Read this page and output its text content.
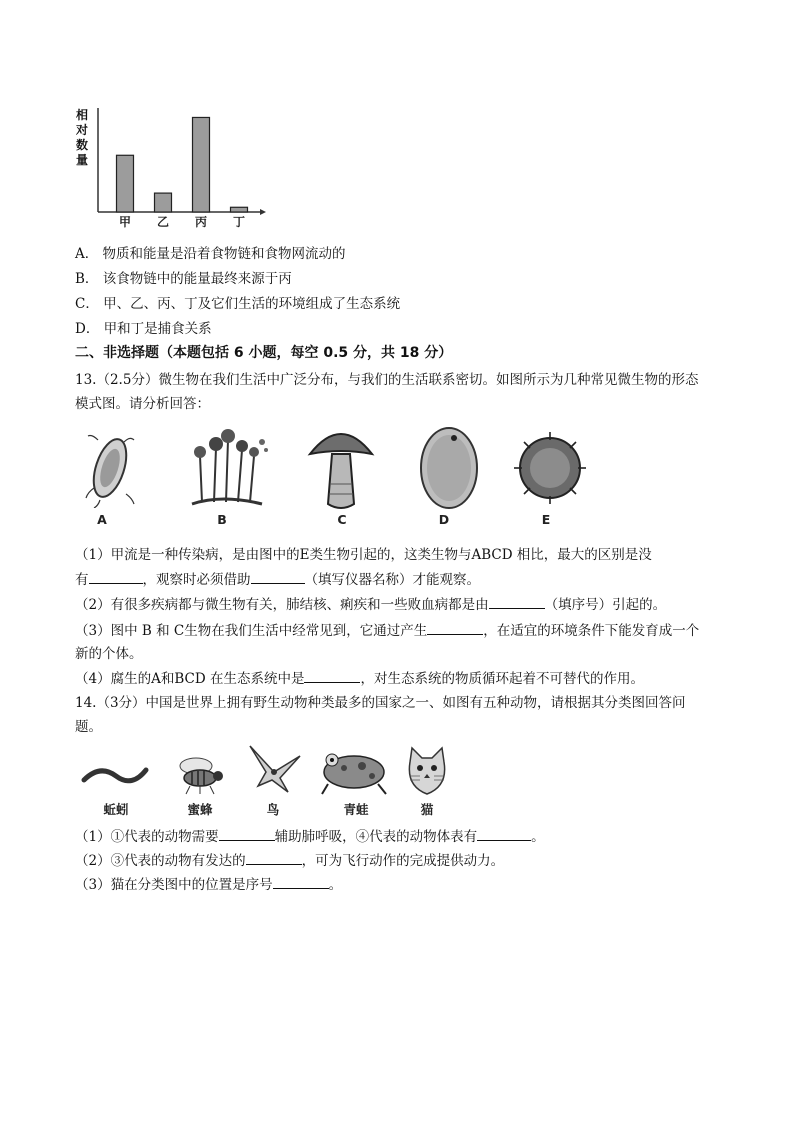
相对数量
甲 乙 丙 丁
A． 物质和能量是沿着食物链和食物网流动的
B． 该食物链中的能量最终来源于丙
C． 甲、乙、丙、丁及它们生活的环境组成了生态系统
D． 甲和丁是捕食关系
二、非选择题（本题包括 6 小题，每空 0.5 分，共 18 分）
13.（2.5分）微生物在我们生活中广泛分布，与我们的生活联系密切。如图所示为几种常见微生物的形态
模式图。请分析回答：
A	B	C	D	E
（1）甲流是一种传染病，是由图中的E类生物引起的，这类生物与ABCD 相比，最大的区别是没
有	，观察时必须借助	（填写仪器名称）才能观察。
（2）有很多疾病都与微生物有关，肺结核、痢疾和一些败血病都是由	（填序号）引起的。
（3）图中 B 和 C生物在我们生活中经常见到，它通过产生	，在适宜的环境条件下能发育成一个
新的个体。
（4）腐生的A和BCD 在生态系统中是	，对生态系统的物质循环起着不可替代的作用。
14.（3分）中国是世界上拥有野生动物种类最多的国家之一、如图有五种动物，请根据其分类图回答问
题。
蚯蚓	蜜蜂	鸟	青蛙	猫
（1）①代表的动物需要	辅助肺呼吸，④代表的动物体表有	。
（2）③代表的动物有发达的	，可为飞行动作的完成提供动力。
（3）猫在分类图中的位置是序号	。
